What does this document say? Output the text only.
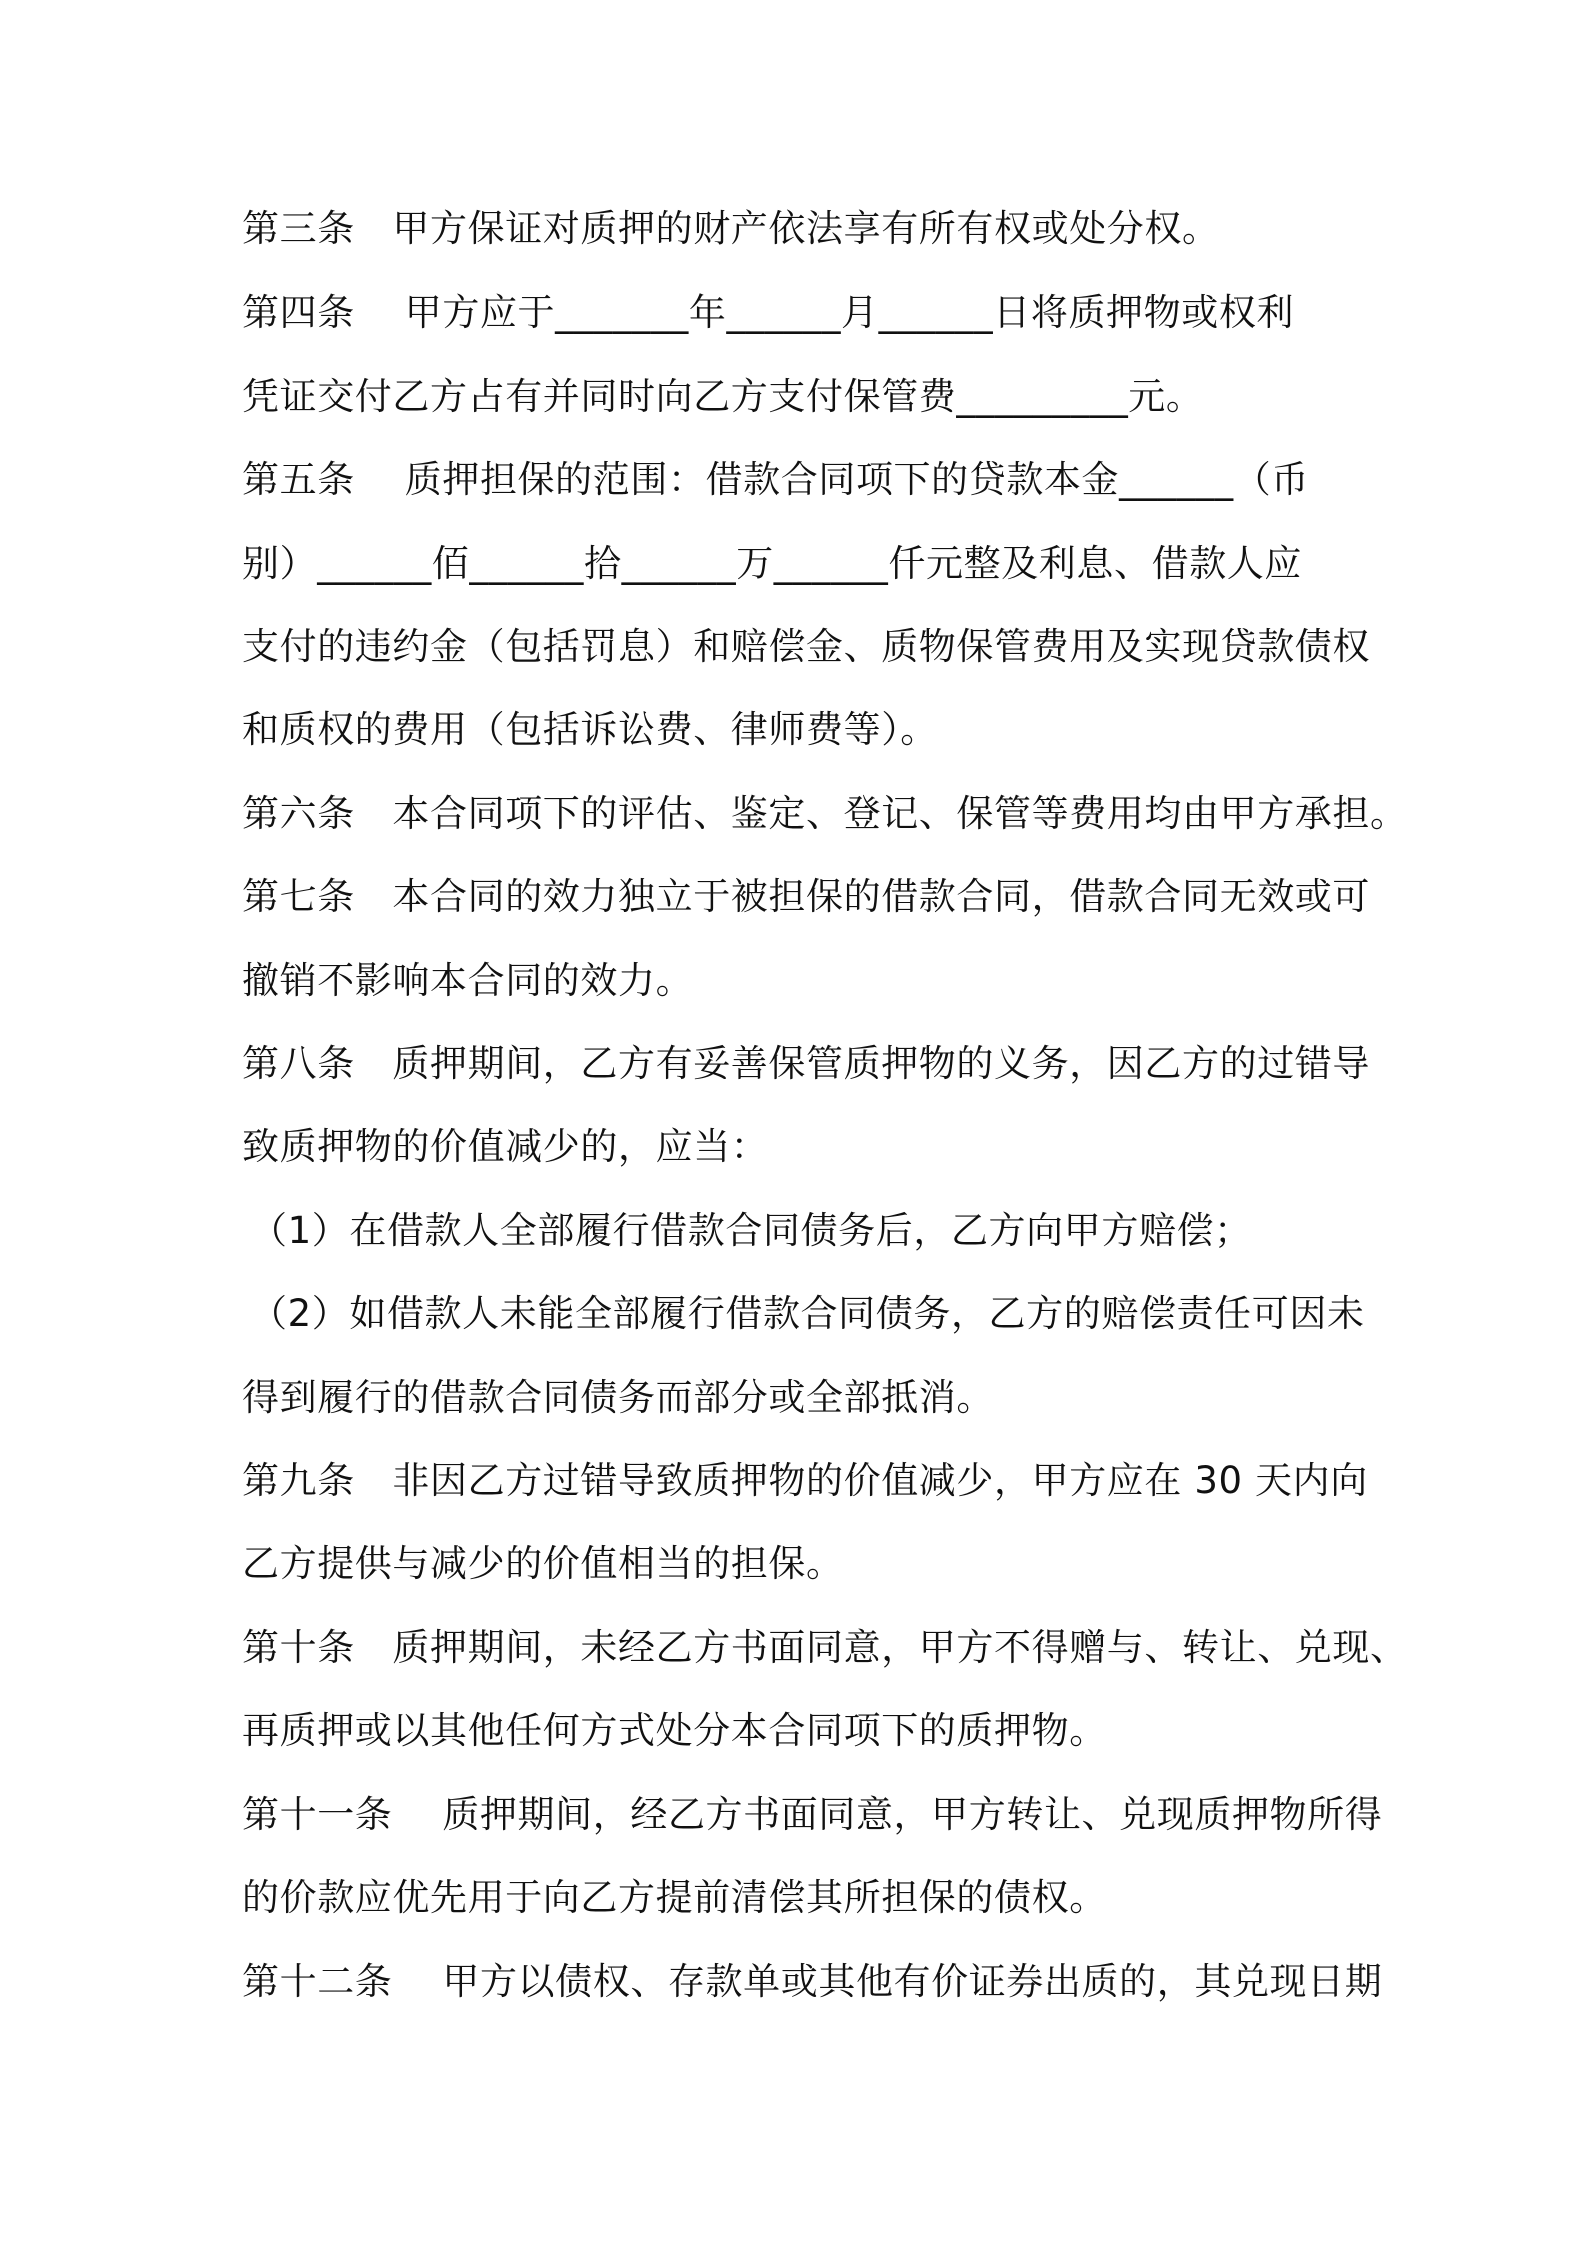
第三条　甲方保证对质押的财产依法享有所有权或处分权。
第四条　 甲方应于_______年______月______日将质押物或权利
凭证交付乙方占有并同时向乙方支付保管费_________元。
第五条　 质押担保的范围：借款合同项下的贷款本金______（币
别）______佰______拾______万______仟元整及利息、借款人应
支付的违约金（包括罚息）和赔偿金、质物保管费用及实现贷款债权
和质权的费用（包括诉讼费、律师费等）。
第六条　本合同项下的评估、鉴定、登记、保管等费用均由甲方承担。
第七条　本合同的效力独立于被担保的借款合同，借款合同无效或可
撤销不影响本合同的效力。
第八条　质押期间，乙方有妥善保管质押物的义务，因乙方的过错导
致质押物的价值减少的，应当：
（1）在借款人全部履行借款合同债务后，乙方向甲方赔偿；
（2）如借款人未能全部履行借款合同债务，乙方的赔偿责任可因未
得到履行的借款合同债务而部分或全部抵消。
第九条　非因乙方过错导致质押物的价值减少，甲方应在 30 天内向
乙方提供与减少的价值相当的担保。
第十条　质押期间，未经乙方书面同意，甲方不得赠与、转让、兑现、
再质押或以其他任何方式处分本合同项下的质押物。
第十一条　 质押期间，经乙方书面同意，甲方转让、兑现质押物所得
的价款应优先用于向乙方提前清偿其所担保的债权。
第十二条　 甲方以债权、存款单或其他有价证券出质的，其兑现日期
